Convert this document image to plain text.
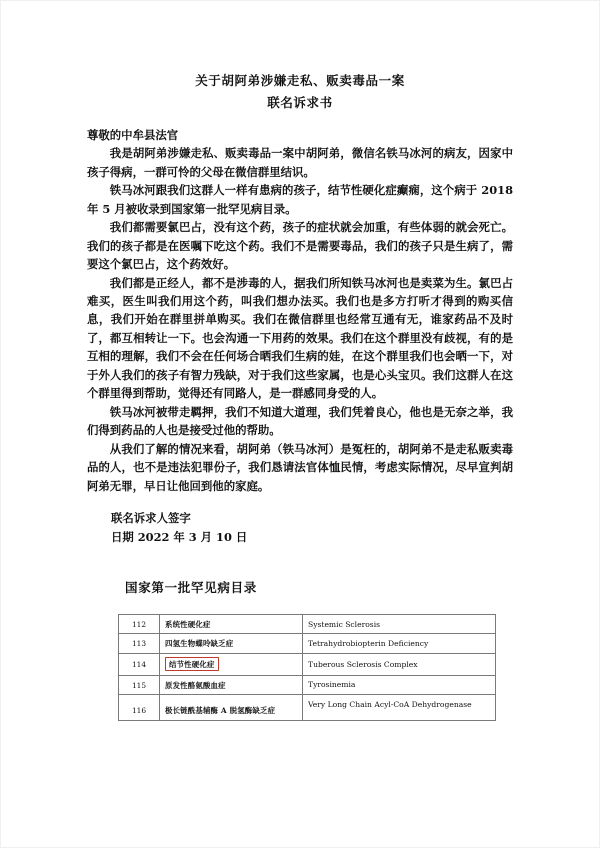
关于胡阿弟涉嫌走私、贩卖毒品一案
联名诉求书

尊敬的中牟县法官

我是胡阿弟涉嫌走私、贩卖毒品一案中胡阿弟，微信名铁马冰河的病友，因家中孩子得病，一群可怜的父母在微信群里结识。

铁马冰河跟我们这群人一样有患病的孩子，结节性硬化症癫痫，这个病于 2018 年 5 月被收录到国家第一批罕见病目录。

我们都需要氯巴占，没有这个药，孩子的症状就会加重，有些体弱的就会死亡。我们的孩子都是在医嘱下吃这个药。我们不是需要毒品，我们的孩子只是生病了，需要这个氯巴占，这个药效好。

我们都是正经人，都不是涉毒的人，据我们所知铁马冰河也是卖菜为生。氯巴占难买，医生叫我们用这个药，叫我们想办法买。我们也是多方打听才得到的购买信息，我们开始在群里拼单购买。我们在微信群里也经常互通有无，谁家药品不及时了，都互相转让一下。也会沟通一下用药的效果。我们在这个群里没有歧视，有的是互相的理解，我们不会在任何场合晒我们生病的娃，在这个群里我们也会晒一下，对于外人我们的孩子有智力残缺，对于我们这些家属，也是心头宝贝。我们这群人在这个群里得到帮助，觉得还有同路人，是一群感同身受的人。

铁马冰河被带走羁押，我们不知道大道理，我们凭着良心，他也是无奈之举，我们得到药品的人也是接受过他的帮助。

从我们了解的情况来看，胡阿弟（铁马冰河）是冤枉的，胡阿弟不是走私贩卖毒品的人，也不是违法犯罪份子，我们恳请法官体恤民情，考虑实际情况，尽早宣判胡阿弟无罪，早日让他回到他的家庭。

联名诉求人签字
日期 2022 年 3 月 10 日
国家第一批罕见病目录
112	系统性硬化症	Systemic Sclerosis
113	四氢生物蝶呤缺乏症	Tetrahydrobiopterin Deficiency
114	结节性硬化症	Tuberous Sclerosis Complex
115	原发性酪氨酸血症	Tyrosinemia
116	极长链酰基辅酶 A 脱氢酶缺乏症	Very Long Chain Acyl-CoA Dehydrogenase
